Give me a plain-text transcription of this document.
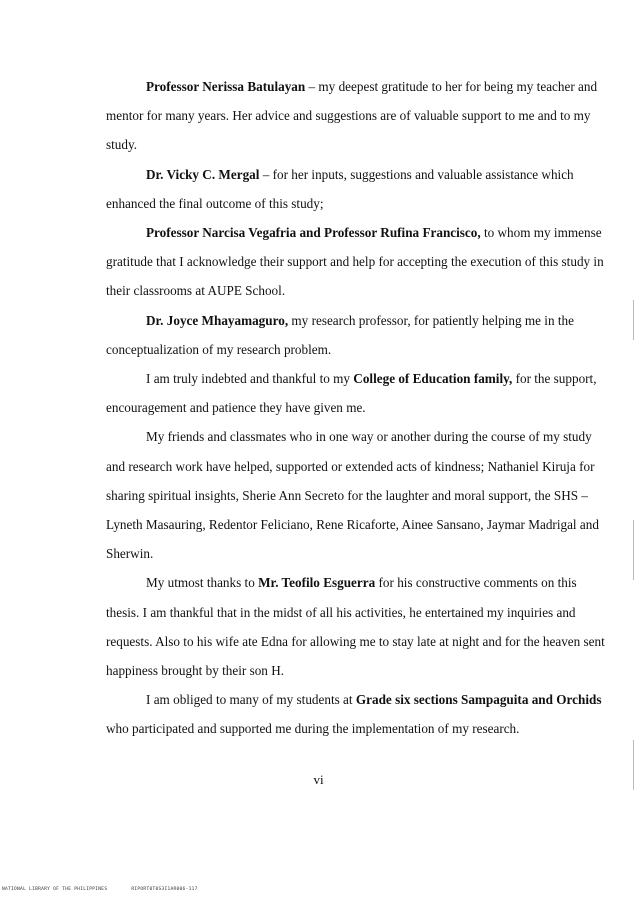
Professor Nerissa Batulayan – my deepest gratitude to her for being my teacher and mentor for many years. Her advice and suggestions are of valuable support to me and to my study.

Dr. Vicky C. Mergal – for her inputs, suggestions and valuable assistance which enhanced the final outcome of this study;

Professor Narcisa Vegafria and Professor Rufina Francisco, to whom my immense gratitude that I acknowledge their support and help for accepting the execution of this study in their classrooms at AUPE School.

Dr. Joyce Mhayamaguro, my research professor, for patiently helping me in the conceptualization of my research problem.

I am truly indebted and thankful to my College of Education family, for the support, encouragement and patience they have given me.

My friends and classmates who in one way or another during the course of my study and research work have helped, supported or extended acts of kindness; Nathaniel Kiruja for sharing spiritual insights, Sherie Ann Secreto for the laughter and moral support, the SHS – Lyneth Masauring, Redentor Feliciano, Rene Ricaforte, Ainee Sansano, Jaymar Madrigal and Sherwin.

My utmost thanks to Mr. Teofilo Esguerra for his constructive comments on this thesis. I am thankful that in the midst of all his activities, he entertained my inquiries and requests. Also to his wife ate Edna for allowing me to stay late at night and for the heaven sent happiness brought by their son H.

I am obliged to many of my students at Grade six sections Sampaguita and Orchids who participated and supported me during the implementation of my research.

vi
NATIONAL LIBRARY OF THE PHILIPPINES        RIPORT0T0S3I1AR006-117
